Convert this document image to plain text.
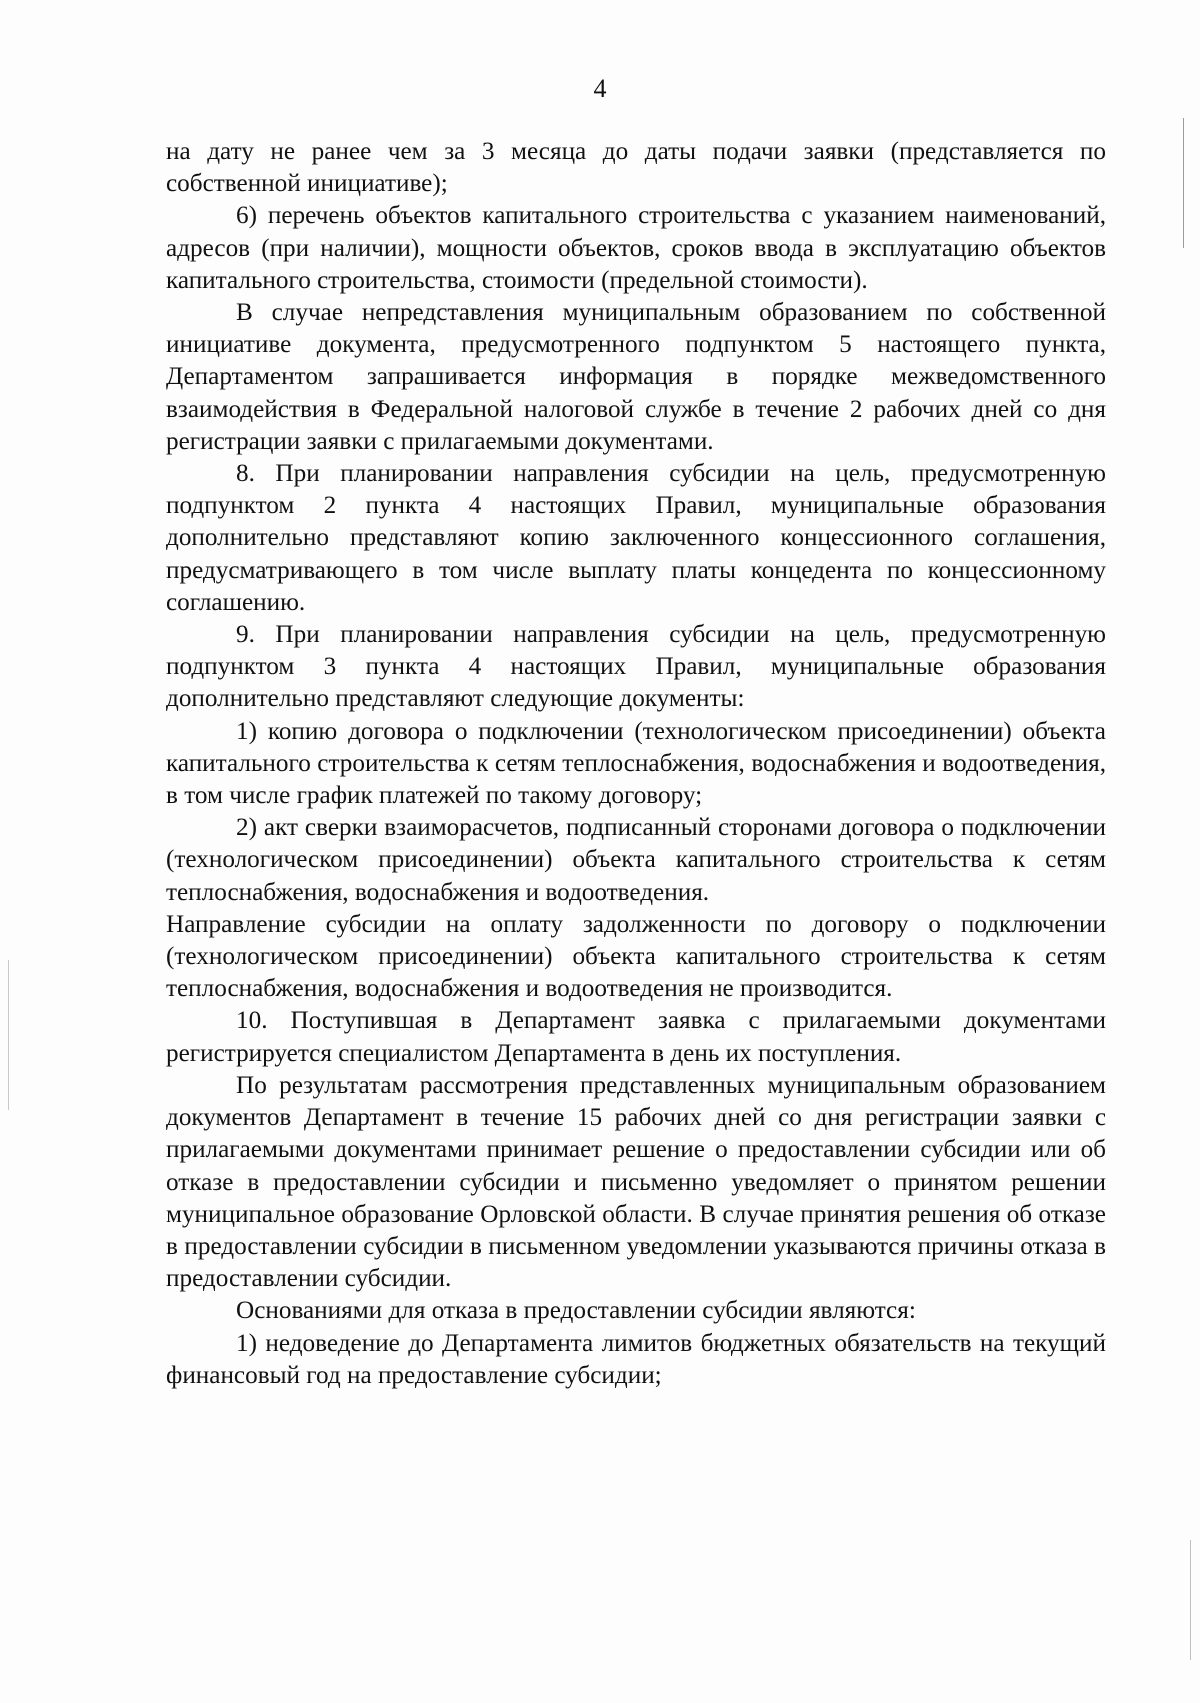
4

на дату не ранее чем за 3 месяца до даты подачи заявки (представляется по собственной инициативе);

6) перечень объектов капитального строительства с указанием наименований, адресов (при наличии), мощности объектов, сроков ввода в эксплуатацию объектов капитального строительства, стоимости (предельной стоимости).

В случае непредставления муниципальным образованием по собственной инициативе документа, предусмотренного подпунктом 5 настоящего пункта, Департаментом запрашивается информация в порядке межведомственного взаимодействия в Федеральной налоговой службе в течение 2 рабочих дней со дня регистрации заявки с прилагаемыми документами.

8. При планировании направления субсидии на цель, предусмотренную подпунктом 2 пункта 4 настоящих Правил, муниципальные образования дополнительно представляют копию заключенного концессионного соглашения, предусматривающего в том числе выплату платы концедента по концессионному соглашению.

9. При планировании направления субсидии на цель, предусмотренную подпунктом 3 пункта 4 настоящих Правил, муниципальные образования дополнительно представляют следующие документы:

1) копию договора о подключении (технологическом присоединении) объекта капитального строительства к сетям теплоснабжения, водоснабжения и водоотведения, в том числе график платежей по такому договору;

2) акт сверки взаиморасчетов, подписанный сторонами договора о подключении (технологическом присоединении) объекта капитального строительства к сетям теплоснабжения, водоснабжения и водоотведения.

Направление субсидии на оплату задолженности по договору о подключении (технологическом присоединении) объекта капитального строительства к сетям теплоснабжения, водоснабжения и водоотведения не производится.

10. Поступившая в Департамент заявка с прилагаемыми документами регистрируется специалистом Департамента в день их поступления.

По результатам рассмотрения представленных муниципальным образованием документов Департамент в течение 15 рабочих дней со дня регистрации заявки с прилагаемыми документами принимает решение о предоставлении субсидии или об отказе в предоставлении субсидии и письменно уведомляет о принятом решении муниципальное образование Орловской области. В случае принятия решения об отказе в предоставлении субсидии в письменном уведомлении указываются причины отказа в предоставлении субсидии.

Основаниями для отказа в предоставлении субсидии являются:

1) недоведение до Департамента лимитов бюджетных обязательств на текущий финансовый год на предоставление субсидии;
